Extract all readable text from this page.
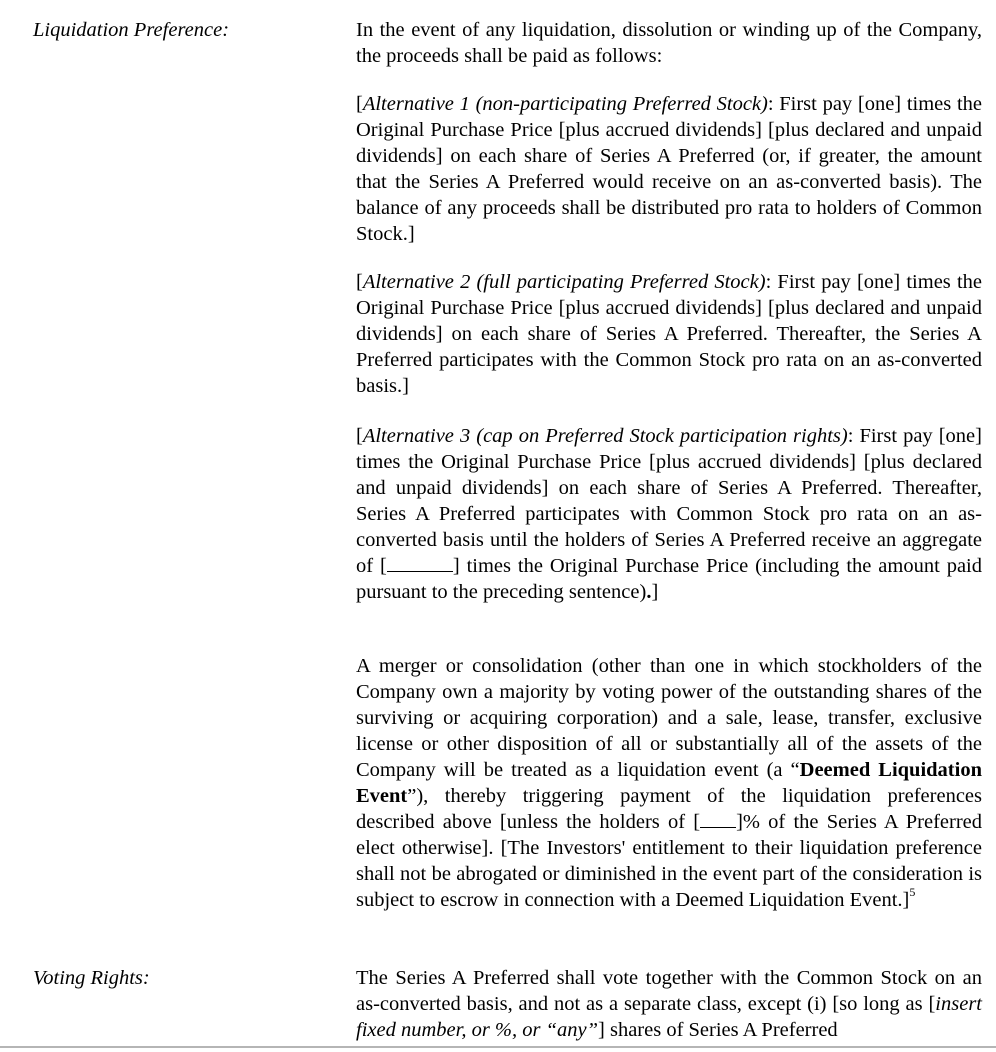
Liquidation Preference:	In the event of any liquidation, dissolution or winding up of the Company, the proceeds shall be paid as follows:

[Alternative 1 (non-participating Preferred Stock): First pay [one] times the Original Purchase Price [plus accrued dividends] [plus declared and unpaid dividends] on each share of Series A Preferred (or, if greater, the amount that the Series A Preferred would receive on an as-converted basis). The balance of any proceeds shall be distributed pro rata to holders of Common Stock.]

[Alternative 2 (full participating Preferred Stock): First pay [one] times the Original Purchase Price [plus accrued dividends] [plus declared and unpaid dividends] on each share of Series A Preferred. Thereafter, the Series A Preferred participates with the Common Stock pro rata on an as-converted basis.]

[Alternative 3 (cap on Preferred Stock participation rights): First pay [one] times the Original Purchase Price [plus accrued dividends] [plus declared and unpaid dividends] on each share of Series A Preferred. Thereafter, Series A Preferred participates with Common Stock pro rata on an as-converted basis until the holders of Series A Preferred receive an aggregate of [	] times the Original Purchase Price (including the amount paid pursuant to the preceding sentence).]

A merger or consolidation (other than one in which stockholders of the Company own a majority by voting power of the outstanding shares of the surviving or acquiring corporation) and a sale, lease, transfer, exclusive license or other disposition of all or substantially all of the assets of the Company will be treated as a liquidation event (a “Deemed Liquidation Event”), thereby triggering payment of the liquidation preferences described above [unless the holders of [ ]% of the Series A Preferred elect otherwise]. [The Investors' entitlement to their liquidation preference shall not be abrogated or diminished in the event part of the consideration is subject to escrow in connection with a Deemed Liquidation Event.]$^5$

Voting Rights:	The Series A Preferred shall vote together with the Common Stock on an as-converted basis, and not as a separate class, except (i) [so long as [insert fixed number, or %, or “any”] shares of Series A Preferred
